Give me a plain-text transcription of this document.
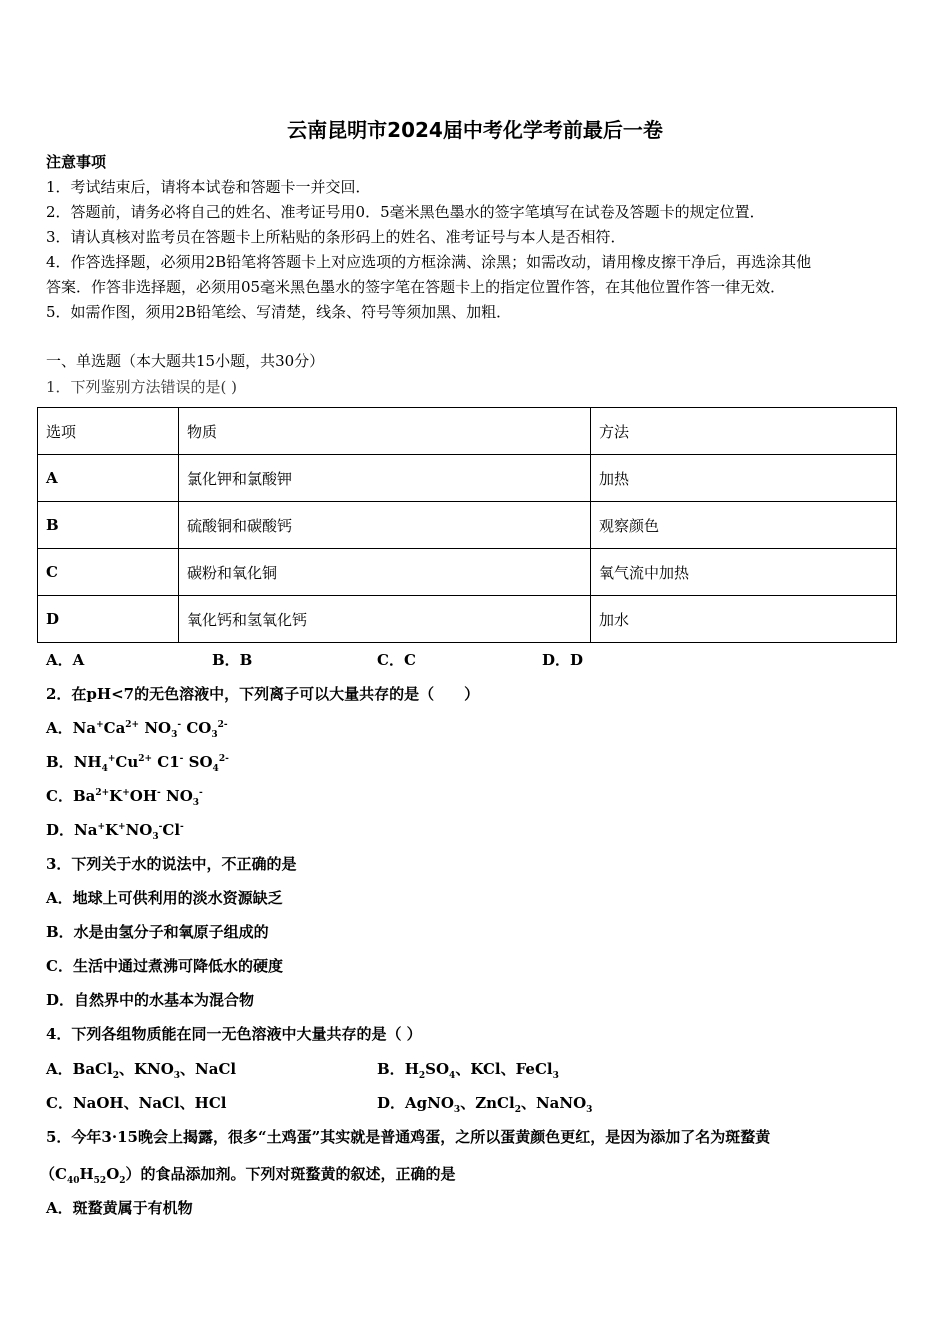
云南昆明市2024届中考化学考前最后一卷
注意事项
1．考试结束后，请将本试卷和答题卡一并交回．
2．答题前，请务必将自己的姓名、准考证号用0．5毫米黑色墨水的签字笔填写在试卷及答题卡的规定位置．
3．请认真核对监考员在答题卡上所粘贴的条形码上的姓名、准考证号与本人是否相符．
4．作答选择题，必须用2B铅笔将答题卡上对应选项的方框涂满、涂黑；如需改动，请用橡皮擦干净后，再选涂其他
答案．作答非选择题，必须用05毫米黑色墨水的签字笔在答题卡上的指定位置作答，在其他位置作答一律无效．
5．如需作图，须用2B铅笔绘、写清楚，线条、符号等须加黑、加粗．
一、单选题（本大题共15小题，共30分）
1．下列鉴别方法错误的是( )
选项	物质	方法
A	氯化钾和氯酸钾	加热
B	硫酸铜和碳酸钙	观察颜色
C	碳粉和氧化铜	氧气流中加热
D	氧化钙和氢氧化钙	加水
A．A	B．B	C．C	D．D
2．在pH<7的无色溶液中，下列离子可以大量共存的是（　　）
A．$Na^+Ca^{2+}$ $NO_3^-$ $CO_3^{2-}$
B．$NH_4^+Cu^{2+}$ C1- $SO_4^{2-}$
C．$Ba^{2+}K^+OH^-$ $NO_3^-$
D．$Na^+K^+NO_3^-Cl^-$
3．下列关于水的说法中，不正确的是
A．地球上可供利用的淡水资源缺乏
B．水是由氢分子和氧原子组成的
C．生活中通过煮沸可降低水的硬度
D．自然界中的水基本为混合物
4．下列各组物质能在同一无色溶液中大量共存的是（ ）
A．BaCl$_2$、$KNO_3$、NaCl	B．$H_2SO_4$、KCl、FeCl$_3$
C．NaOH、NaCl、HCl	D．AgNO$_3$、ZnCl$_2$、NaNO$_3$
5．今年3·15晚会上揭露，很多“土鸡蛋”其实就是普通鸡蛋，之所以蛋黄颜色更红，是因为添加了名为斑蝥黄
$(C_{40}H_{52}O_2)$的食品添加剂。下列对斑蝥黄的叙述，正确的是
A．斑蝥黄属于有机物
